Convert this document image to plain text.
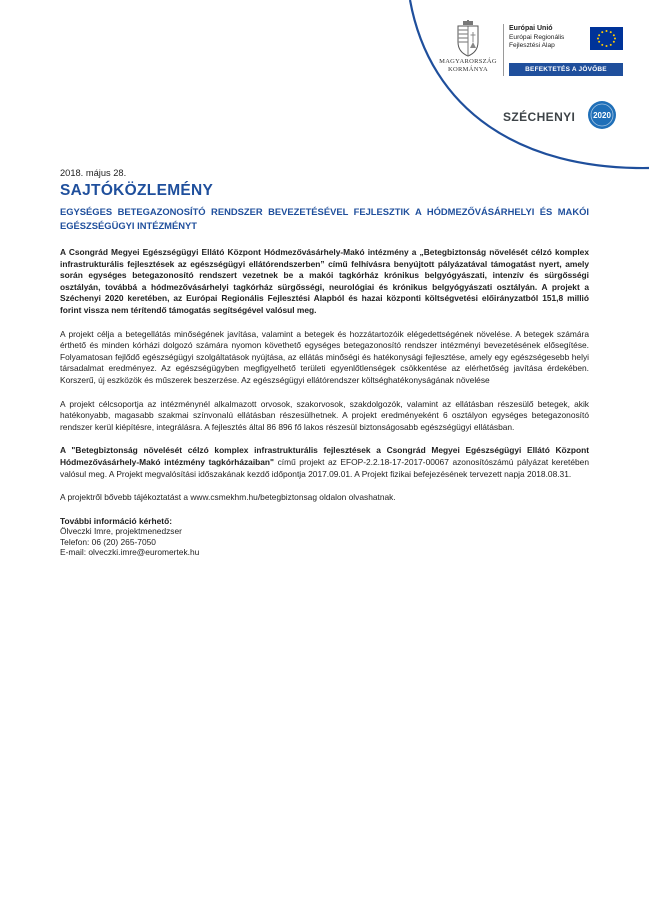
MAGYARORSZÁG
KORMÁNYA
Európai Unió
Európai Regionális
Fejlesztési Alap
BEFEKTETÉS A JÖVŐBE
SZÉCHENYI 2020
2018. május 28.
SAJTÓKÖZLEMÉNY
EGYSÉGES BETEGAZONOSÍTÓ RENDSZER BEVEZETÉSÉVEL FEJLESZTIK A HÓDMEZŐVÁSÁRHELYI ÉS MAKÓI EGÉSZSÉGÜGYI INTÉZMÉNYT

A Csongrád Megyei Egészségügyi Ellátó Központ Hódmezővásárhely-Makó intézmény a „Betegbiztonság növelését célzó komplex infrastrukturális fejlesztések az egészségügyi ellátórendszerben” című felhívásra benyújtott pályázatával támogatást nyert, amely során egységes betegazonosító rendszert vezetnek be a makói tagkórház krónikus belgyógyászati, intenzív és sürgősségi osztályán, továbbá a hódmezővásárhelyi tagkórház sürgősségi, neurológiai és krónikus belgyógyászati osztályán. A projekt a Széchenyi 2020 keretében, az Európai Regionális Fejlesztési Alapból és hazai központi költségvetési előirányzatból 151,8 millió forint vissza nem térítendő támogatás segítségével valósul meg.

A projekt célja a betegellátás minőségének javítása, valamint a betegek és hozzátartozóik elégedettségének növelése. A betegek számára érthető és minden kórházi dolgozó számára nyomon követhető egységes betegazonosító rendszer intézményi bevezetésének elősegítése. Folyamatosan fejlődő egészségügyi szolgáltatások nyújtása, az ellátás minőségi és hatékonysági fejlesztése, amely egy egészségesebb helyi társadalmat eredményez. Az egészségügyben megfigyelhető területi egyenlőtlenségek csökkentése az elérhetőség javítása érdekében. Korszerű, új eszközök és műszerek beszerzése. Az egészségügyi ellátórendszer költséghatékonyságának növelése

A projekt célcsoportja az intézménynél alkalmazott orvosok, szakorvosok, szakdolgozók, valamint az ellátásban részesülő betegek, akik hatékonyabb, magasabb szakmai színvonalú ellátásban részesülhetnek. A projekt eredményeként 6 osztályon egységes betegazonosító rendszer kerül kiépítésre, integrálásra. A fejlesztés által 86 896 fő lakos részesül biztonságosabb egészségügyi ellátásban.

A "Betegbiztonság növelését célzó komplex infrastrukturális fejlesztések a Csongrád Megyei Egészségügyi Ellátó Központ Hódmezővásárhely-Makó intézmény tagkórházaiban" című projekt az EFOP-2.2.18-17-2017-00067 azonosítószámú pályázat keretében valósul meg. A Projekt megvalósítási időszakának kezdő időpontja 2017.09.01. A Projekt fizikai befejezésének tervezett napja 2018.08.31.

A projektről bővebb tájékoztatást a www.csmekhm.hu/betegbiztonsag oldalon olvashatnak.

További információ kérhető:
Ölveczki Imre, projektmenedzser
Telefon: 06 (20) 265-7050
E-mail: olveczki.imre@euromertek.hu
